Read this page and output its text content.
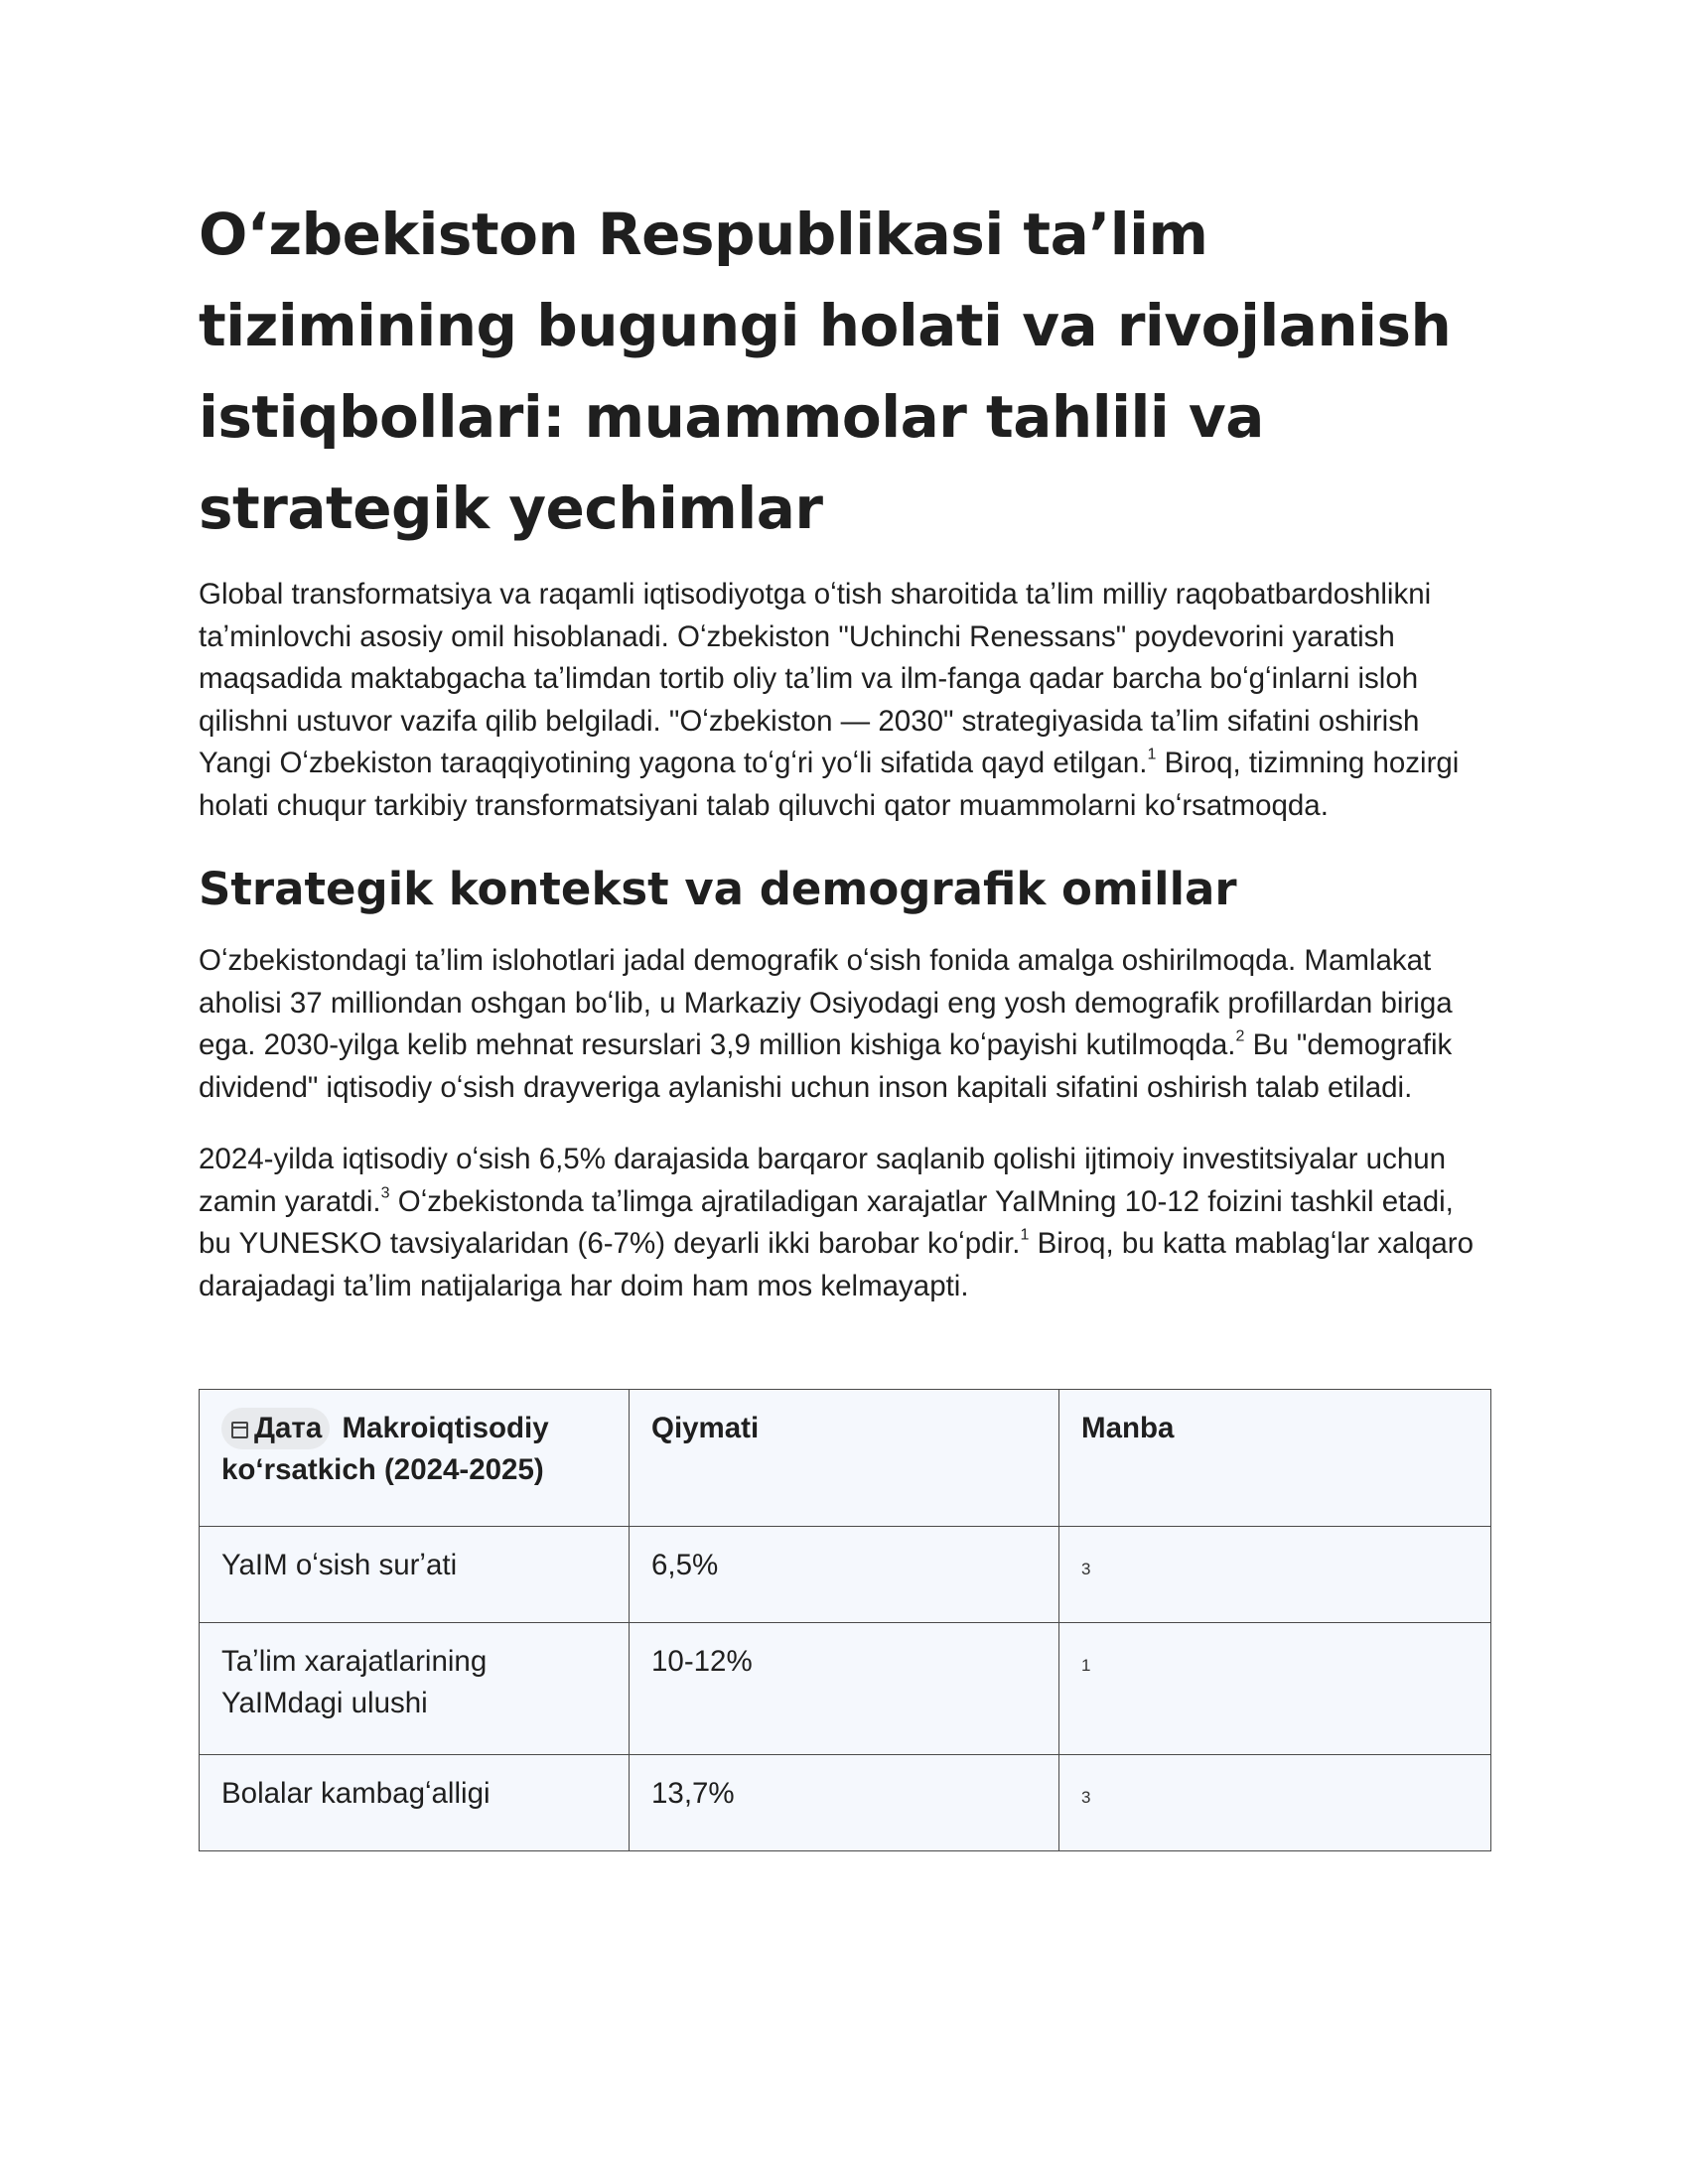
O‘zbekiston Respublikasi ta’lim tizimining bugungi holati va rivojlanish istiqbollari: muammolar tahlili va strategik yechimlar

Global transformatsiya va raqamli iqtisodiyotga oʻtish sharoitida taʼlim milliy raqobatbardoshlikni taʼminlovchi asosiy omil hisoblanadi. Oʻzbekiston "Uchinchi Renessans" poydevorini yaratish maqsadida maktabgacha taʼlimdan tortib oliy taʼlim va ilm-fanga qadar barcha boʻgʻinlarni isloh qilishni ustuvor vazifa qilib belgiladi. "Oʻzbekiston — 2030" strategiyasida taʼlim sifatini oshirish Yangi Oʻzbekiston taraqqiyotining yagona toʻgʻri yoʻli sifatida qayd etilgan.$^1$ Biroq, tizimning hozirgi holati chuqur tarkibiy transformatsiyani talab qiluvchi qator muammolarni koʻrsatmoqda.

Strategik kontekst va demografik omillar

Oʻzbekistondagi taʼlim islohotlari jadal demografik oʻsish fonida amalga oshirilmoqda. Mamlakat aholisi 37 milliondan oshgan boʻlib, u Markaziy Osiyodagi eng yosh demografik profillardan biriga ega. 2030-yilga kelib mehnat resurslari 3,9 million kishiga koʻpayishi kutilmoqda.$^2$ Bu "demografik dividend" iqtisodiy oʻsish drayveriga aylanishi uchun inson kapitali sifatini oshirish talab etiladi.

2024-yilda iqtisodiy oʻsish 6,5% darajasida barqaror saqlanib qolishi ijtimoiy investitsiyalar uchun zamin yaratdi.$^3$ Oʻzbekistonda taʼlimga ajratiladigan xarajatlar YaIMning 10-12 foizini tashkil etadi, bu YUNESKO tavsiyalaridan (6-7%) deyarli ikki barobar koʻpdir.$^1$ Biroq, bu katta mablagʻlar xalqaro darajadagi taʼlim natijalariga har doim ham mos kelmayapti.

Дата Makroiqtisodiy koʻrsatkich (2024-2025)	Qiymati	Manba
YaIM oʻsish surʼati	6,5%	3
Taʼlim xarajatlarining YaIMdagi ulushi	10-12%	1
Bolalar kambagʻalligi	13,7%	3
